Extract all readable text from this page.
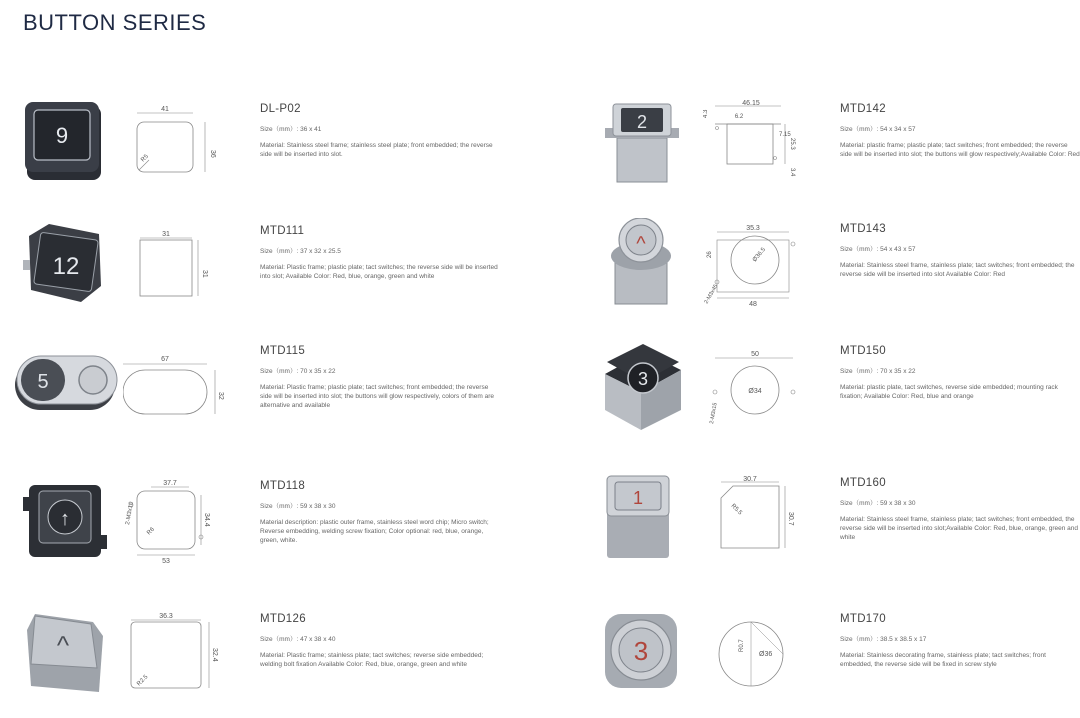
BUTTON SERIES
9
41
36
R5
DL-P02
Size（mm）: 36 x 41
Material: Stainless steel frame; stainless steel plate; front embedded; the reverse side will be inserted into slot.
12
31
31
MTD111
Size（mm）: 37 x 32 x 25.5
Material: Plastic frame; plastic plate; tact switches; the reverse side will be inserted into slot; Available Color: Red, blue, orange, green and white
5
67
32
MTD115
Size（mm）: 70 x 35 x 22
Material: Plastic frame; plastic plate; tact switches; front embedded; the reverse side will be inserted into slot; the buttons will glow respectively, colors of them are alternative and available
↑
37.7
34.4
53
R6
2-M3x10
MTD118
Size（mm）: 59 x 38 x 30
Material description: plastic outer frame, stainless steel word chip; Micro switch; Reverse embedding, welding screw fixation; Color optional: red, blue, orange, green, white.
^
36.3
32.4
R2.5
MTD126
Size（mm）: 47 x 38 x 40
Material: Plastic frame; stainless plate; tact switches; reverse side embedded; welding bolt fixation Available Color: Red, blue, orange, green and white
2
46.15
6.2
4.3
7.15
25.3
3.4
MTD142
Size（mm）: 54 x 34 x 57
Material: plastic frame; plastic plate; tact switches; front embedded; the reverse side will be inserted into slot; the buttons will glow respectively;Available Color: Red
^
35.3
26
48
Ø36.5
2-M3x45
MTD143
Size（mm）: 54 x 43 x 57
Material: Stainless steel frame, stainless plate; tact switches; front embedded; the reverse side will be inserted into slot Available Color: Red
3
50
Ø34
2-M3x15
MTD150
Size（mm）: 70 x 35 x 22
Material: plastic plate, tact switches, reverse side embedded; mounting rack fixation; Available Color: Red, blue and orange
1
30.7
30.7
R5.5
MTD160
Size（mm）: 59 x 38 x 30
Material: Stainless steel frame, stainless plate; tact switches; front embedded, the reverse side will be inserted into slot;Available Color: Red, blue, orange, green and white
3	R0.7
Ø36
MTD170
Size（mm）: 38.5 x 38.5 x 17
Material: Stainless decorating frame, stainless plate; tact switches; front embedded, the reverse side will be fixed in screw style
